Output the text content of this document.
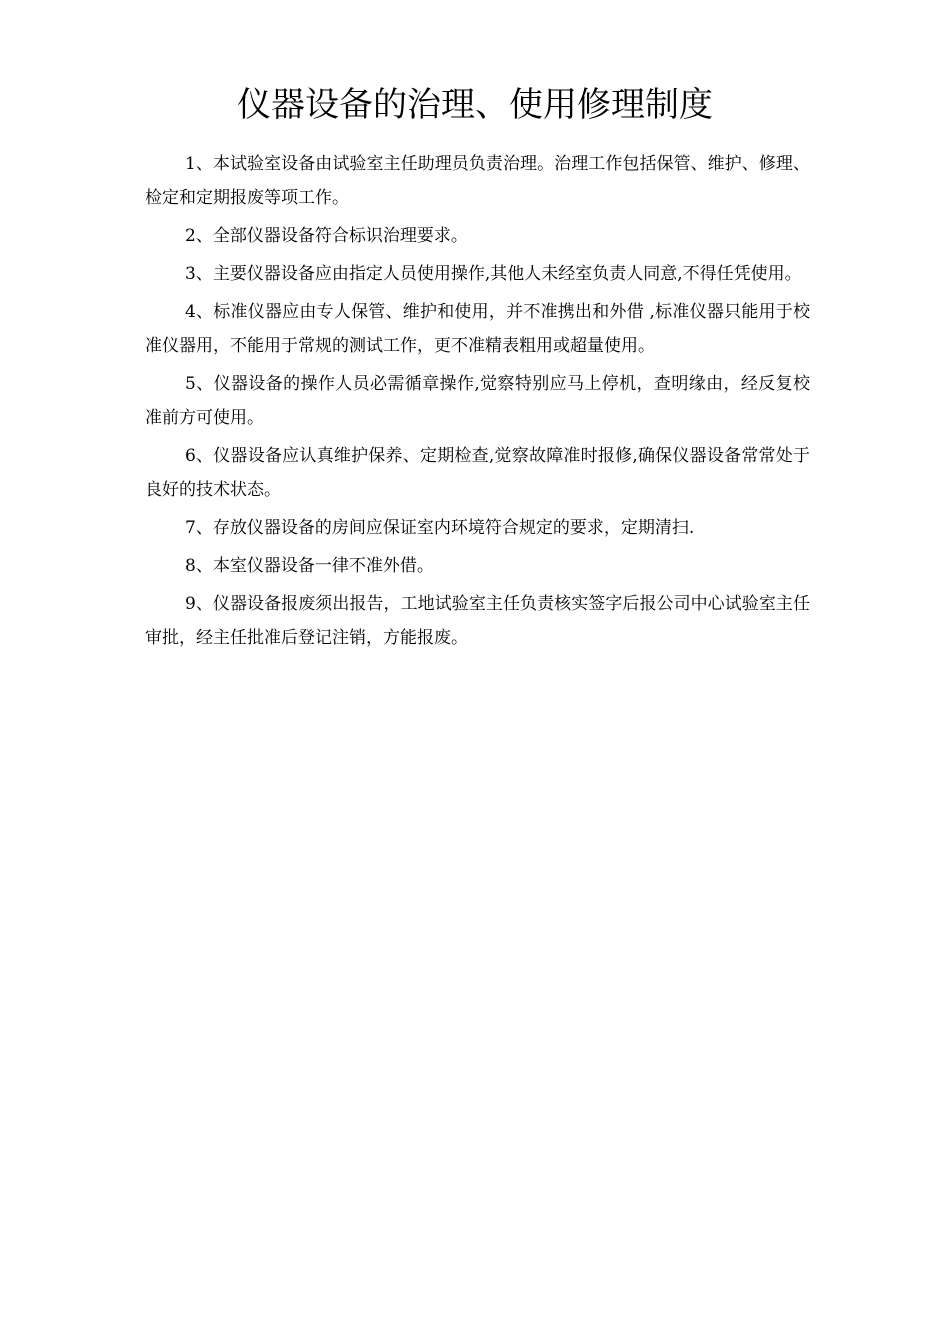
仪器设备的治理、使用修理制度

1、本试验室设备由试验室主任助理员负责治理。治理工作包括保管、维护、修理、检定和定期报废等项工作。

2、全部仪器设备符合标识治理要求。

3、主要仪器设备应由指定人员使用操作,其他人未经室负责人同意,不得任凭使用。

4、标准仪器应由专人保管、维护和使用，并不准携出和外借 ,标准仪器只能用于校准仪器用，不能用于常规的测试工作，更不准精表粗用或超量使用。

5、仪器设备的操作人员必需循章操作,觉察特别应马上停机，查明缘由，经反复校准前方可使用。

6、仪器设备应认真维护保养、定期检查,觉察故障准时报修,确保仪器设备常常处于良好的技术状态。

7、存放仪器设备的房间应保证室内环境符合规定的要求，定期清扫.

8、本室仪器设备一律不准外借。

9、仪器设备报废须出报告，工地试验室主任负责核实签字后报公司中心试验室主任审批，经主任批准后登记注销，方能报废。
